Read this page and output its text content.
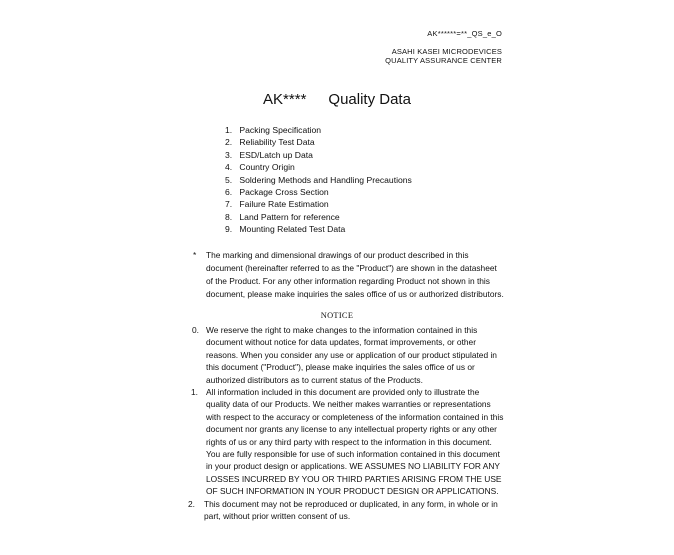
AK******=**_QS_e_O
ASAHI KASEI MICRODEVICES
QUALITY ASSURANCE CENTER
AK**** Quality Data
1. Packing Specification
2. Reliability Test Data
3. ESD/Latch up Data
4. Country Origin
5. Soldering Methods and Handling Precautions
6. Package Cross Section
7. Failure Rate Estimation
8. Land Pattern for reference
9. Mounting Related Test Data
* The marking and dimensional drawings of our product described in this
document (hereinafter referred to as the "Product") are shown in the datasheet
of the Product. For any other information regarding Product not shown in this
document, please make inquiries the sales office of us or authorized distributors.
NOTICE
0. We reserve the right to make changes to the information contained in this
document without notice for data updates, format improvements, or other
reasons. When you consider any use or application of our product stipulated in
this document ("Product"), please make inquiries the sales office of us or
authorized distributors as to current status of the Products.
1. All information included in this document are provided only to illustrate the
quality data of our Products. We neither makes warranties or representations
with respect to the accuracy or completeness of the information contained in this
document nor grants any license to any intellectual property rights or any other
rights of us or any third party with respect to the information in this document.
You are fully responsible for use of such information contained in this document
in your product design or applications. WE ASSUMES NO LIABILITY FOR ANY
LOSSES INCURRED BY YOU OR THIRD PARTIES ARISING FROM THE USE
OF SUCH INFORMATION IN YOUR PRODUCT DESIGN OR APPLICATIONS.
2.	This document may not be reproduced or duplicated, in any form, in whole or in
part, without prior written consent of us.
